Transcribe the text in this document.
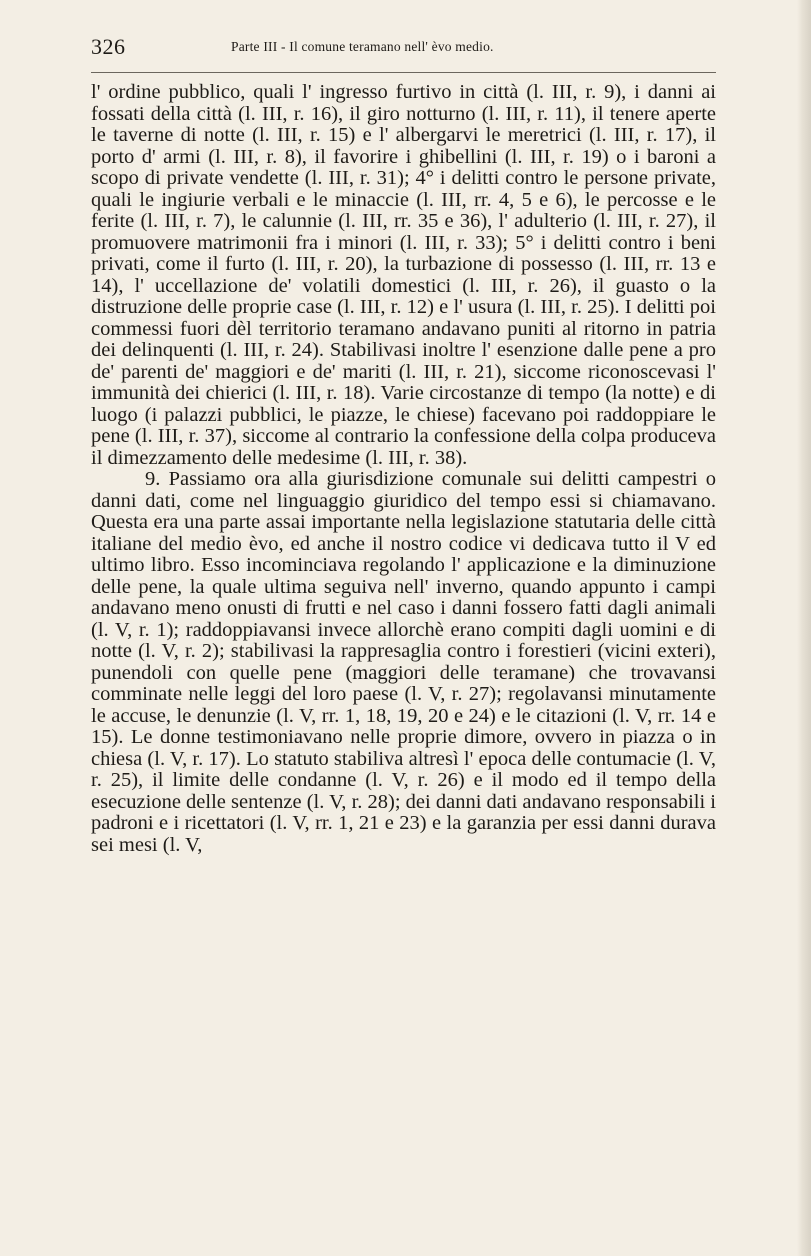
326	Parte III - Il comune teramano nell' èvo medio.

l' ordine pubblico, quali l' ingresso furtivo in città (l. III, r. 9), i danni ai fossati della città (l. III, r. 16), il giro notturno (l. III, r. 11), il tenere aperte le taverne di notte (l. III, r. 15) e l' albergarvi le meretrici (l. III, r. 17), il porto d' armi (l. III, r. 8), il favorire i ghibellini (l. III, r. 19) o i baroni a scopo di private vendette (l. III, r. 31); 4° i delitti contro le persone private, quali le ingiurie verbali e le minaccie (l. III, rr. 4, 5 e 6), le percosse e le ferite (l. III, r. 7), le calunnie (l. III, rr. 35 e 36), l' adulterio (l. III, r. 27), il promuovere matrimonii fra i minori (l. III, r. 33); 5° i delitti contro i beni privati, come il furto (l. III, r. 20), la turbazione di possesso (l. III, rr. 13 e 14), l' uccellazione de' volatili domestici (l. III, r. 26), il guasto o la distruzione delle proprie case (l. III, r. 12) e l' usura (l. III, r. 25). I delitti poi commessi fuori dèl territorio teramano andavano puniti al ritorno in patria dei delinquenti (l. III, r. 24). Stabilivasi inoltre l' esenzione dalle pene a pro de' parenti de' maggiori e de' mariti (l. III, r. 21), siccome riconoscevasi l' immunità dei chierici (l. III, r. 18). Varie circostanze di tempo (la notte) e di luogo (i palazzi pubblici, le piazze, le chiese) facevano poi raddoppiare le pene (l. III, r. 37), siccome al contrario la confessione della colpa produceva il dimezzamento delle medesime (l. III, r. 38).

9. Passiamo ora alla giurisdizione comunale sui delitti campestri o danni dati, come nel linguaggio giuridico del tempo essi si chiamavano. Questa era una parte assai importante nella legislazione statutaria delle città italiane del medio èvo, ed anche il nostro codice vi dedicava tutto il V ed ultimo libro. Esso incominciava regolando l' applicazione e la diminuzione delle pene, la quale ultima seguiva nell' inverno, quando appunto i campi andavano meno onusti di frutti e nel caso i danni fossero fatti dagli animali (l. V, r. 1); raddoppiavansi invece allorchè erano compiti dagli uomini e di notte (l. V, r. 2); stabilivasi la rappresaglia contro i forestieri (vicini exteri), punendoli con quelle pene (maggiori delle teramane) che trovavansi comminate nelle leggi del loro paese (l. V, r. 27); regolavansi minutamente le accuse, le denunzie (l. V, rr. 1, 18, 19, 20 e 24) e le citazioni (l. V, rr. 14 e 15). Le donne testimoniavano nelle proprie dimore, ovvero in piazza o in chiesa (l. V, r. 17). Lo statuto stabiliva altresì l' epoca delle contumacie (l. V, r. 25), il limite delle condanne (l. V, r. 26) e il modo ed il tempo della esecuzione delle sentenze (l. V, r. 28); dei danni dati andavano responsabili i padroni e i ricettatori (l. V, rr. 1, 21 e 23) e la garanzia per essi danni durava sei mesi (l. V,
